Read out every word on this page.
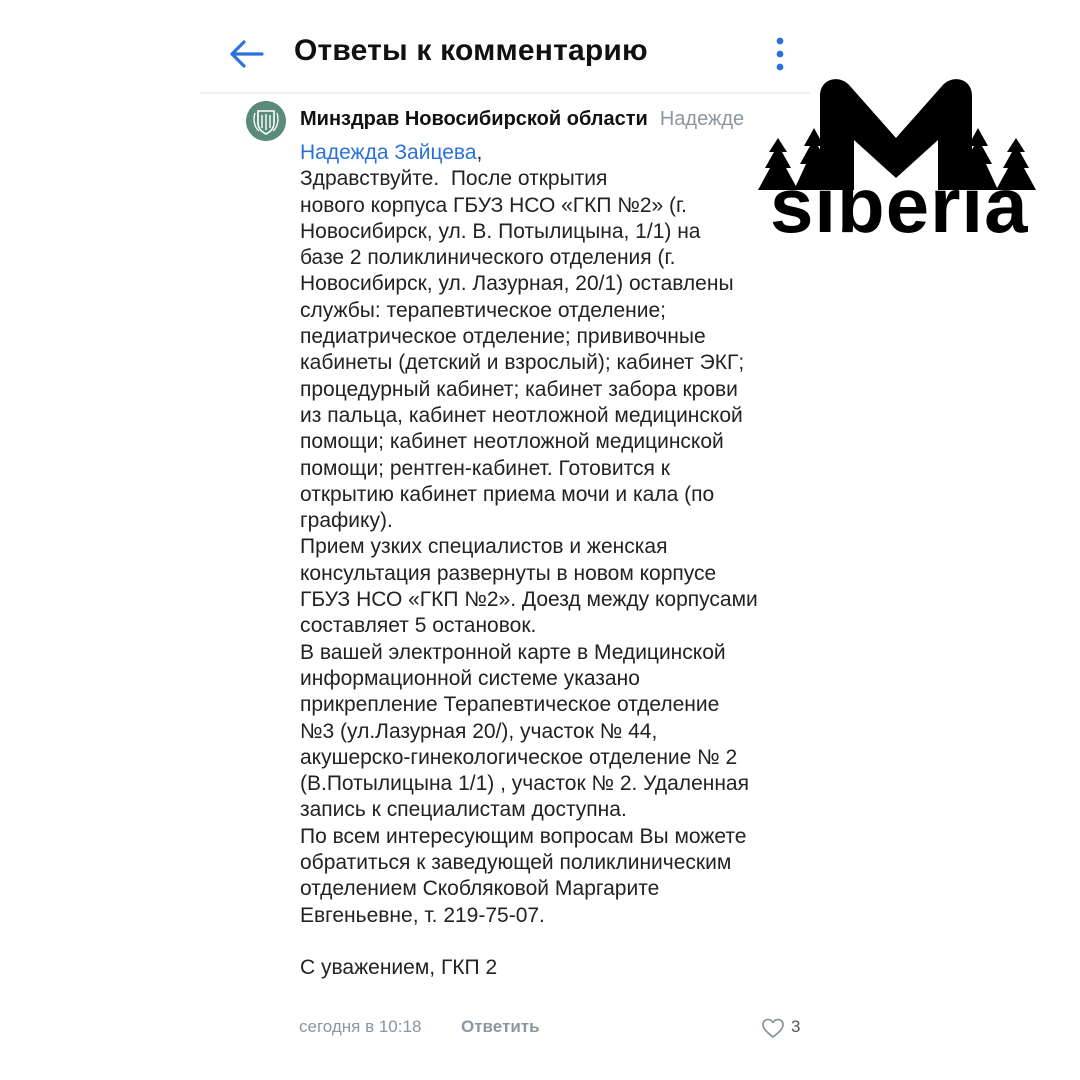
Ответы к комментарию
Минздрав Новосибирской области Надежде
Надежда Зайцева,
Здравствуйте.  После открытия
нового корпуса ГБУЗ НСО «ГКП №2» (г.
Новосибирск, ул. В. Потылицына, 1/1) на
базе 2 поликлинического отделения (г.
Новосибирск, ул. Лазурная, 20/1) оставлены
службы: терапевтическое отделение;
педиатрическое отделение; прививочные
кабинеты (детский и взрослый); кабинет ЭКГ;
процедурный кабинет; кабинет забора крови
из пальца, кабинет неотложной медицинской
помощи; кабинет неотложной медицинской
помощи; рентген-кабинет. Готовится к
открытию кабинет приема мочи и кала (по
графику).
Прием узких специалистов и женская
консультация развернуты в новом корпусе
ГБУЗ НСО «ГКП №2». Доезд между корпусами
составляет 5 остановок.
В вашей электронной карте в Медицинской
информационной системе указано
прикрепление Терапевтическое отделение
№3 (ул.Лазурная 20/), участок № 44,
акушерско-гинекологическое отделение № 2
(В.Потылицына 1/1) , участок № 2. Удаленная
запись к специалистам доступна.
По всем интересующим вопросам Вы можете
обратиться к заведующей поликлиническим
отделением Скобляковой Маргарите
Евгеньевне, т. 219-75-07.

С уважением, ГКП 2
сегодня в 10:18 Ответить	3
siberia
